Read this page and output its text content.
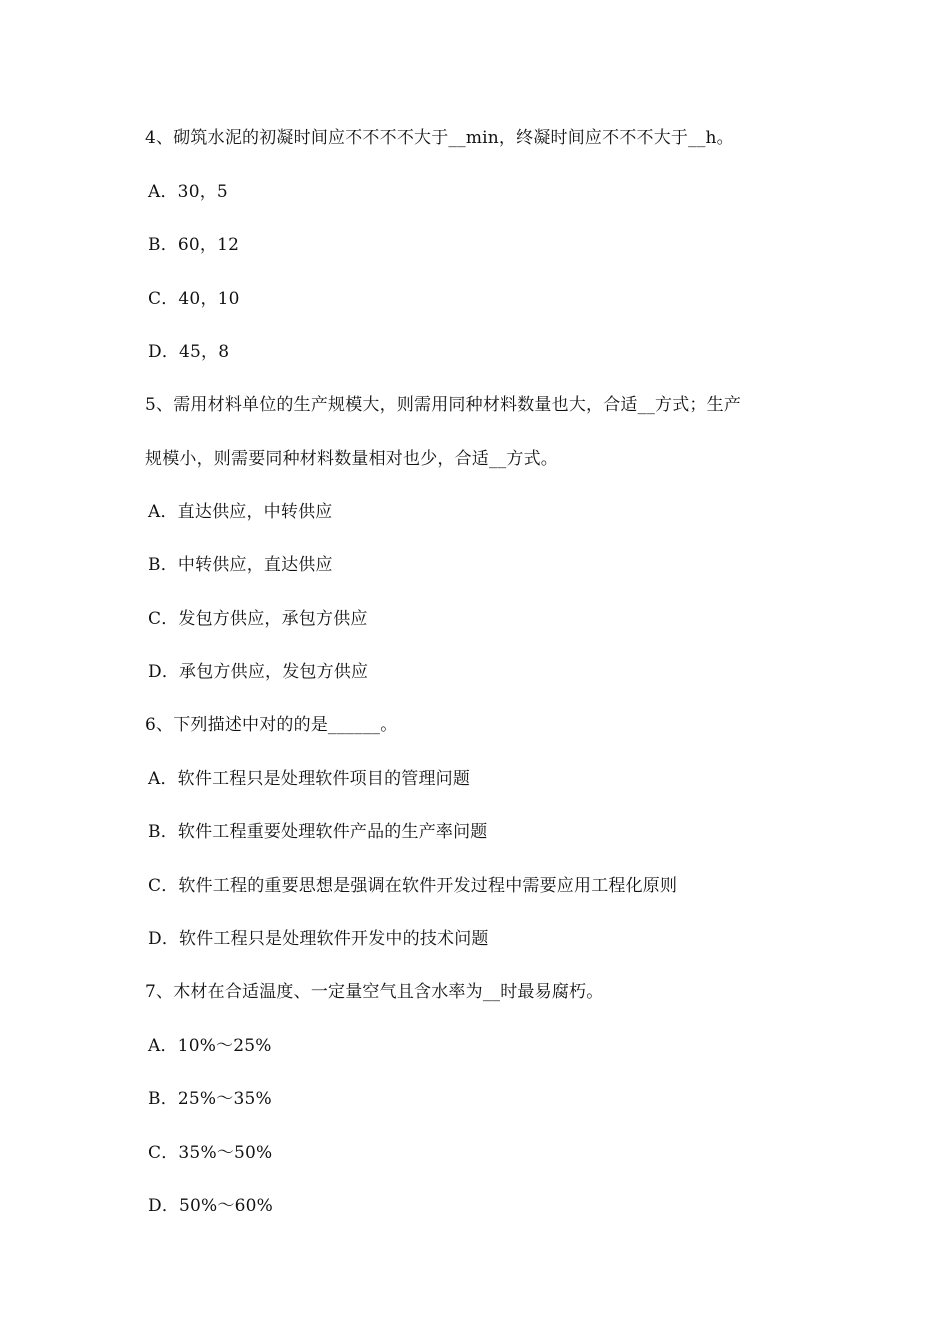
4、砌筑水泥的初凝时间应不不不不大于__min，终凝时间应不不不大于__h。
A．30，5
B．60，12
C．40，10
D．45，8
5、需用材料单位的生产规模大，则需用同种材料数量也大，合适__方式；生产
规模小，则需要同种材料数量相对也少，合适__方式。
A．直达供应，中转供应
B．中转供应，直达供应
C．发包方供应，承包方供应
D．承包方供应，发包方供应
6、下列描述中对的的是______。
A．软件工程只是处理软件项目的管理问题
B．软件工程重要处理软件产品的生产率问题
C．软件工程的重要思想是强调在软件开发过程中需要应用工程化原则
D．软件工程只是处理软件开发中的技术问题
7、木材在合适温度、一定量空气且含水率为__时最易腐朽。
A．10%～25%
B．25%～35%
C．35%～50%
D．50%～60%
